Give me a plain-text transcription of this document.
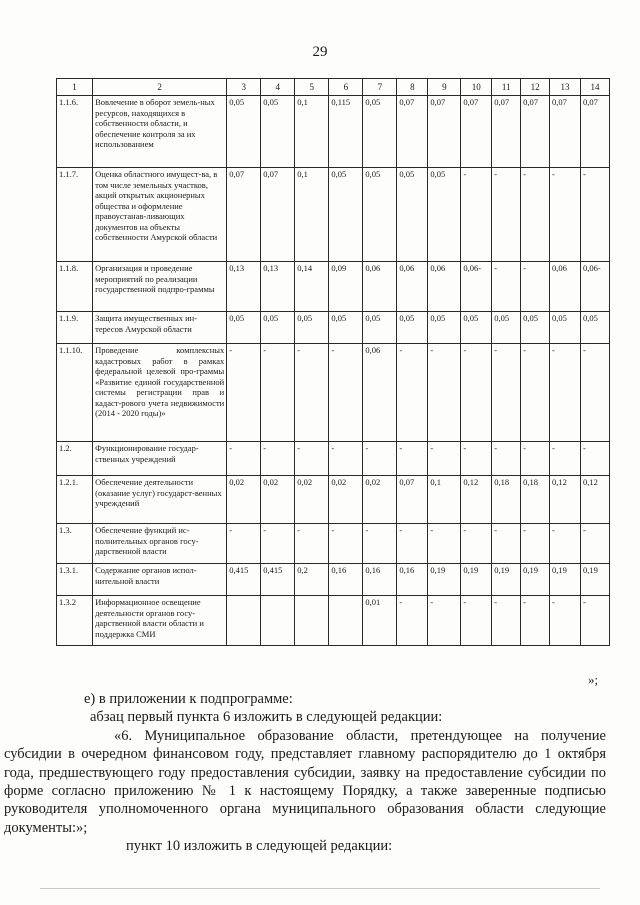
29
1	2	3	4	5	6	7	8	9	10	11	12	13	14
1.1.6.	Вовлечение в оборот земель-ных ресурсов, находящихся в собственности области, и обеспечение контроля за их использованием	0,05	0,05	0,1	0,115	0,05	0,07	0,07	0,07	0,07	0,07	0,07	0,07
1.1.7.	Оценка областного имущест-ва, в том числе земельных участков, акций открытых акционерных общества и оформление правоустанав-ливающих документов на объекты собственности Амурской области	0,07	0,07	0,1	0,05	0,05	0,05	0,05	-	-	-	-	-
1.1.8.	Организация и проведение мероприятий по реализации государственной подпро-граммы	0,13	0,13	0,14	0,09	0,06	0,06	0,06	0,06-	-	-	0,06	0,06-
1.1.9.	Защита имущественных ин-тересов Амурской области	0,05	0,05	0,05	0,05	0,05	0,05	0,05	0,05	0,05	0,05	0,05	0,05
1.1.10.	Проведение комплексных кадастровых работ в рамках федеральной целевой про-граммы «Развитие единой государственной системы регистрации прав и кадаст-рового учета недвижимости (2014 - 2020 годы)»	-	-	-	-	0,06	-	-	-	-	-	-	-
1.2.	Функционирование государ-ственных учреждений	-	-	-	-	-	-	-	-	-	-	-	-
1.2.1.	Обеспечение деятельности (оказание услуг) государст-венных учреждений	0,02	0,02	0,02	0,02	0,02	0,07	0,1	0,12	0,18	0,18	0,12	0,12
1.3.	Обеспечение функций ис-полнительных органов госу-дарственной власти	-	-	-	-	-	-	-	-	-	-	-	-
1.3.1.	Содержание органов испол-нительной власти	0,415	0,415	0,2	0,16	0,16	0,16	0,19	0,19	0,19	0,19	0,19	0,19
1.3.2	Информационное освещение деятельности органов госу-дарственной власти области и поддержка СМИ					0,01	-	-	-	-	-	-	-
»;

е) в приложении к подпрограмме:

абзац первый пункта 6 изложить в следующей редакции:

«6. Муниципальное образование области, претендующее на получение субсидии в очередном финансовом году, представляет главному распорядителю до 1 октября года, предшествующего году предоставления субсидии, заявку на предоставление субсидии по форме согласно приложению № 1 к настоящему Порядку, а также заверенные подписью руководителя уполномоченного органа муниципального образования области следующие документы:»;

пункт 10 изложить в следующей редакции:
